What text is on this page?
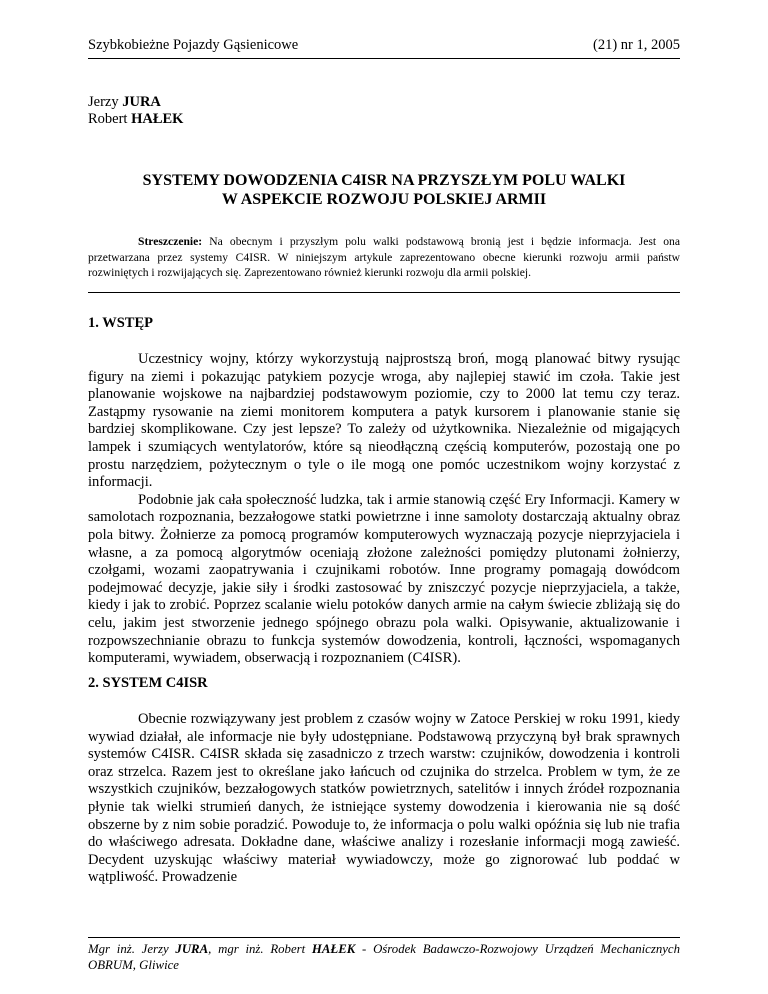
Szybkobieżne Pojazdy Gąsienicowe	(21) nr 1, 2005
Jerzy JURA
Robert HAŁEK
SYSTEMY DOWODZENIA C4ISR NA PRZYSZŁYM POLU WALKI
W ASPEKCIE ROZWOJU POLSKIEJ ARMII

Streszczenie: Na obecnym i przyszłym polu walki podstawową bronią jest i będzie informacja. Jest ona przetwarzana przez systemy C4ISR. W niniejszym artykule zaprezentowano obecne kierunki rozwoju armii państw rozwiniętych i rozwijających się. Zaprezentowano również kierunki rozwoju dla armii polskiej.

1. WSTĘP

Uczestnicy wojny, którzy wykorzystują najprostszą broń, mogą planować bitwy rysując figury na ziemi i pokazując patykiem pozycje wroga, aby najlepiej stawić im czoła. Takie jest planowanie wojskowe na najbardziej podstawowym poziomie, czy to 2000 lat temu czy teraz. Zastąpmy rysowanie na ziemi monitorem komputera a patyk kursorem i planowanie stanie się bardziej skomplikowane. Czy jest lepsze? To zależy od użytkownika. Niezależnie od migających lampek i szumiących wentylatorów, które są nieodłączną częścią komputerów, pozostają one po prostu narzędziem, pożytecznym o tyle o ile mogą one pomóc uczestnikom wojny korzystać z informacji.

Podobnie jak cała społeczność ludzka, tak i armie stanowią część Ery Informacji. Kamery w samolotach rozpoznania, bezzałogowe statki powietrzne i inne samoloty dostarczają aktualny obraz pola bitwy. Żołnierze za pomocą programów komputerowych wyznaczają pozycje nieprzyjaciela i własne, a za pomocą algorytmów oceniają złożone zależności pomiędzy plutonami żołnierzy, czołgami, wozami zaopatrywania i czujnikami robotów. Inne programy pomagają dowódcom podejmować decyzje, jakie siły i środki zastosować by zniszczyć pozycje nieprzyjaciela, a także, kiedy i jak to zrobić. Poprzez scalanie wielu potoków danych armie na całym świecie zbliżają się do celu, jakim jest stworzenie jednego spójnego obrazu pola walki. Opisywanie, aktualizowanie i rozpowszechnianie obrazu to funkcja systemów dowodzenia, kontroli, łączności, wspomaganych komputerami, wywiadem, obserwacją i rozpoznaniem (C4ISR).

2. SYSTEM C4ISR

Obecnie rozwiązywany jest problem z czasów wojny w Zatoce Perskiej w roku 1991, kiedy wywiad działał, ale informacje nie były udostępniane. Podstawową przyczyną był brak sprawnych systemów C4ISR. C4ISR składa się zasadniczo z trzech warstw: czujników, dowodzenia i kontroli oraz strzelca. Razem jest to określane jako łańcuch od czujnika do strzelca. Problem w tym, że ze wszystkich czujników, bezzałogowych statków powietrznych, satelitów i innych źródeł rozpoznania płynie tak wielki strumień danych, że istniejące systemy dowodzenia i kierowania nie są dość obszerne by z nim sobie poradzić. Powoduje to, że informacja o polu walki opóźnia się lub nie trafia do właściwego adresata. Dokładne dane, właściwe analizy i rozesłanie informacji mogą zawieść. Decydent uzyskując właściwy materiał wywiadowczy, może go zignorować lub poddać w wątpliwość. Prowadzenie

Mgr inż. Jerzy JURA, mgr inż. Robert HAŁEK - Ośrodek Badawczo-Rozwojowy Urządzeń Mechanicznych OBRUM, Gliwice
